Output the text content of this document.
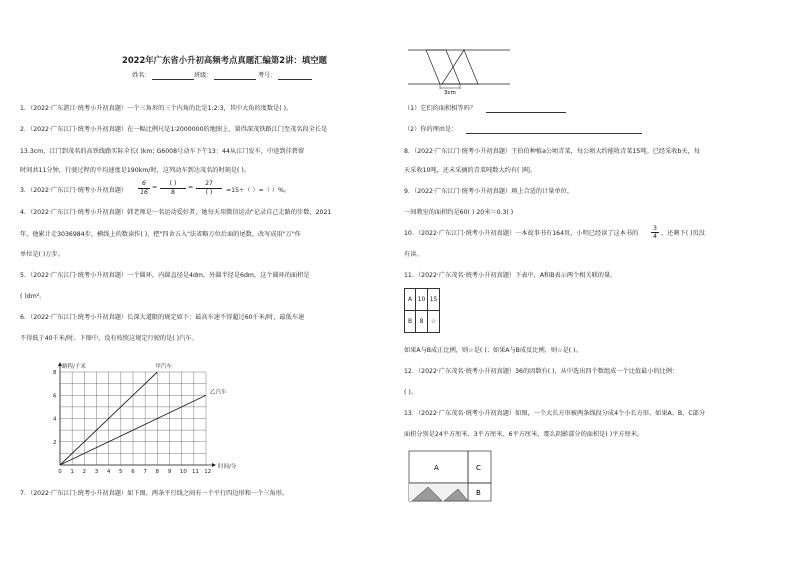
2022年广东省小升初高频考点真题汇编第2讲：填空题
姓名：	班级：	考号：
1．（2022·广东湛江·统考小升初真题）一个三角形的三个内角的比是1:2:3，其中大角的度数是( )。
2．（2022·广东江门·统考小升初真题）在一幅比例尺是1∶2000000的地图上，量得深茂铁路江门至茂名段全长是
13.3cm，江门到茂名的高铁线路实际全长( )km; G6008号动车下午13：44从江门发车，中途到佳碧留
时间共11分钟，行驶过程的平均速度是190km/时，这列动车到达茂名的时刻是( )。
3．（2022·广东江门·统考小升初真题）
6
16
=
( )
8
=
27
( )	=15÷（ ）=（ ）%。
4．（2022·广东江门·统考小升初真题）韩老师是一名运动爱好者，她每天用微信运动"记录自己走路的步数，2021
年，他累计走3036984步，横线上的数读作( )，把"四舍五入"法省略万位后面的尾数，改写成用"万"作
单位是( )万步。
5．（2022·广东江门·统考小升初真题）一个圆环，内圆直径是4dm，外圆半径是6dm，这个圆环的面积是
( )dm²。
6．（2022·广东江门·统考小升初真题）长深大道限的规定如下：最高车速不得超过60千米/时，最低车速
不得低于40千米/时。下图中，没有按照这规定行驶的是( )汽车。
0 1 2 3 4 5 6 7 8 9 10 11 12
2
4
6
8
路程/千米
时间/分
甲汽车
乙汽车
7．（2022·广东江门·统考小升初真题）如下图，两条平行线之间有一个平行四边形和一个三角形。
3cm
（1）它们的面积相等吗？
（2）你的理由是：
8．（2022·广东江门·统考小升初真题）王伯伯种植a公顷青菜，每公顷大约能收青菜15吨。已经采收b天，每
天采收10吨，还未采摘的青菜吨数大约有( )吨。
9．（2022·广东江门·统考小升初真题）填上合适的计量单位。
一间教室的面积约是60( ) 20米＝0.3( )
10．（2022·广东江门·统考小升初真题）一本故事书有164页，小明已经读了这本书的
3
4 ，还剩下( )页没
有读。
11．（2022·广东茂名·统考小升初真题）下表中，A和B表示两个相关联的量。
A	10	15
B	8	☆
如果A与B成正比例，则☆是( )；如果A与B成反比例，则☆是( )。
12．（2022·广东茂名·统考小升初真题）36的因数有( )，从中选出四个数组成一个比值最小的比例：
( )。
13．（2022·广东茂名·统考小升初真题）如图，一个大长方形被两条线段分成4个小长方形，如果A、B、C部分
面积分别是24平方厘米、3平方厘米、6平方厘米，那么阴影部分的面积是( )平方厘米。
A	C
B
